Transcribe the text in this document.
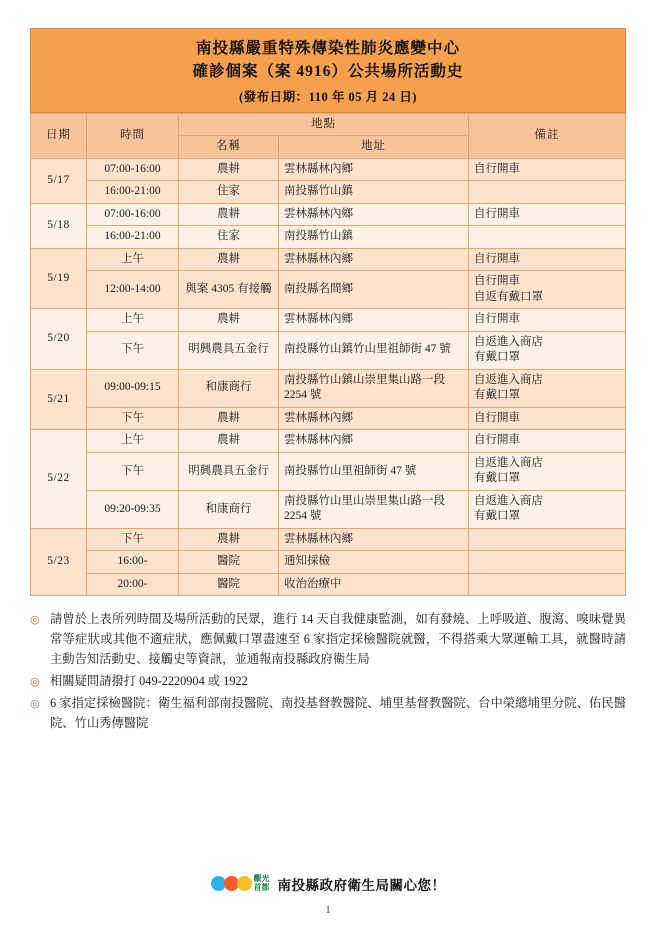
南投縣嚴重特殊傳染性肺炎應變中心
確診個案（案 4916）公共場所活動史
(發布日期：110 年 05 月 24 日)
日期	時間	地點		備註
		名稱	地址	
5/17	07:00-16:00	農耕	雲林縣林內鄉	自行開車
	16:00-21:00	住家	南投縣竹山鎮	
5/18	07:00-16:00	農耕	雲林縣林內鄉	自行開車
	16:00-21:00	住家	南投縣竹山鎮	
5/19	上午	農耕	雲林縣林內鄉	自行開車
	12:00-14:00	與案 4305 有接觸	南投縣名間鄉	自行開車
自返有戴口罩
5/20	上午	農耕	雲林縣林內鄉	自行開車
	下午	明興農具五金行	南投縣竹山鎮竹山里祖師街 47 號	自返進入商店
有戴口罩
5/21	09:00-09:15	和康商行	南投縣竹山鎮山崇里集山路一段 2254 號	自返進入商店
有戴口罩
	下午	農耕	雲林縣林內鄉	自行開車
5/22	上午	農耕	雲林縣林內鄉	自行開車
	下午	明興農具五金行	南投縣竹山里祖師街 47 號	自返進入商店
有戴口罩
	09:20-09:35	和康商行	南投縣竹山里山崇里集山路一段 2254 號	自返進入商店
有戴口罩
5/23	下午	農耕	雲林縣林內鄉	
	16:00-	醫院	通知採檢	
	20:00-	醫院	收治治療中	
◎ 請曾於上表所列時間及場所活動的民眾，進行 14 天自我健康監測，如有發燒、上呼吸道、腹瀉、嗅味覺異常等症狀或其他不適症狀，應佩戴口罩盡速至 6 家指定採檢醫院就醫，不得搭乘大眾運輸工具，就醫時請主動告知活動史、接觸史等資訊，並通報南投縣政府衛生局
◎ 相關疑問請撥打 049-2220904 或 1922
◎ 6 家指定採檢醫院：衛生福利部南投醫院、南投基督教醫院、埔里基督教醫院、台中榮總埔里分院、佑民醫院、竹山秀傳醫院
觀光
首都 南投縣政府衛生局關心您！
1
